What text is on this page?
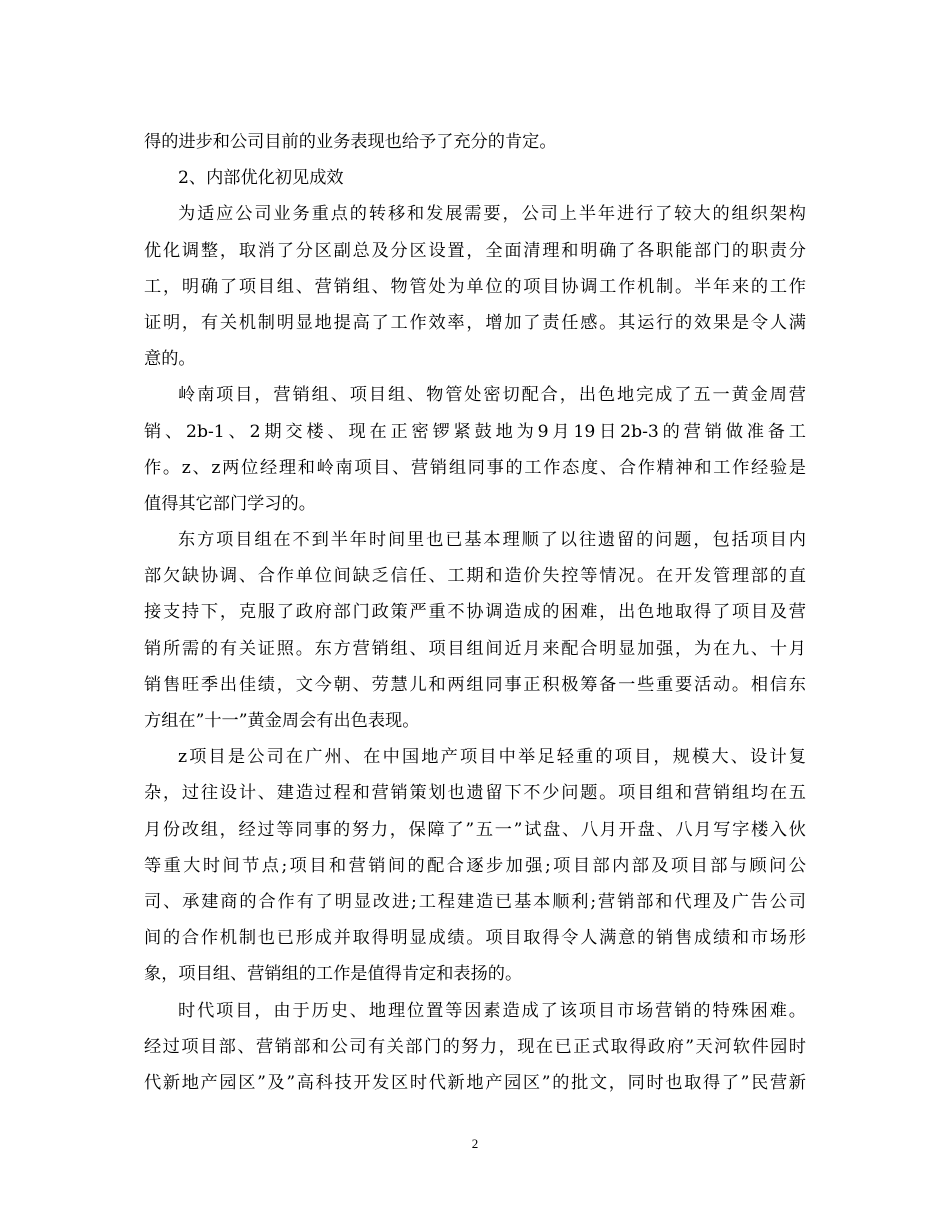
得的进步和公司目前的业务表现也给予了充分的肯定。
2、内部优化初见成效
为适应公司业务重点的转移和发展需要，公司上半年进行了较大的组织架构
优化调整，取消了分区副总及分区设置，全面清理和明确了各职能部门的职责分
工，明确了项目组、营销组、物管处为单位的项目协调工作机制。半年来的工作
证明，有关机制明显地提高了工作效率，增加了责任感。其运行的效果是令人满
意的。
岭南项目，营销组、项目组、物管处密切配合，出色地完成了五一黄金周营
销、2b-1、2期交楼、现在正密锣紧鼓地为9月19日2b-3的营销做准备工
作。z、z两位经理和岭南项目、营销组同事的工作态度、合作精神和工作经验是
值得其它部门学习的。
东方项目组在不到半年时间里也已基本理顺了以往遗留的问题，包括项目内
部欠缺协调、合作单位间缺乏信任、工期和造价失控等情况。在开发管理部的直
接支持下，克服了政府部门政策严重不协调造成的困难，出色地取得了项目及营
销所需的有关证照。东方营销组、项目组间近月来配合明显加强，为在九、十月
销售旺季出佳绩，文今朝、劳慧儿和两组同事正积极筹备一些重要活动。相信东
方组在”十一”黄金周会有出色表现。
z项目是公司在广州、在中国地产项目中举足轻重的项目，规模大、设计复
杂，过往设计、建造过程和营销策划也遗留下不少问题。项目组和营销组均在五
月份改组，经过等同事的努力，保障了”五一”试盘、八月开盘、八月写字楼入伙
等重大时间节点;项目和营销间的配合逐步加强;项目部内部及项目部与顾问公
司、承建商的合作有了明显改进;工程建造已基本顺利;营销部和代理及广告公司
间的合作机制也已形成并取得明显成绩。项目取得令人满意的销售成绩和市场形
象，项目组、营销组的工作是值得肯定和表扬的。
时代项目，由于历史、地理位置等因素造成了该项目市场营销的特殊困难。
经过项目部、营销部和公司有关部门的努力，现在已正式取得政府”天河软件园时
代新地产园区”及”高科技开发区时代新地产园区”的批文，同时也取得了”民营新
2
